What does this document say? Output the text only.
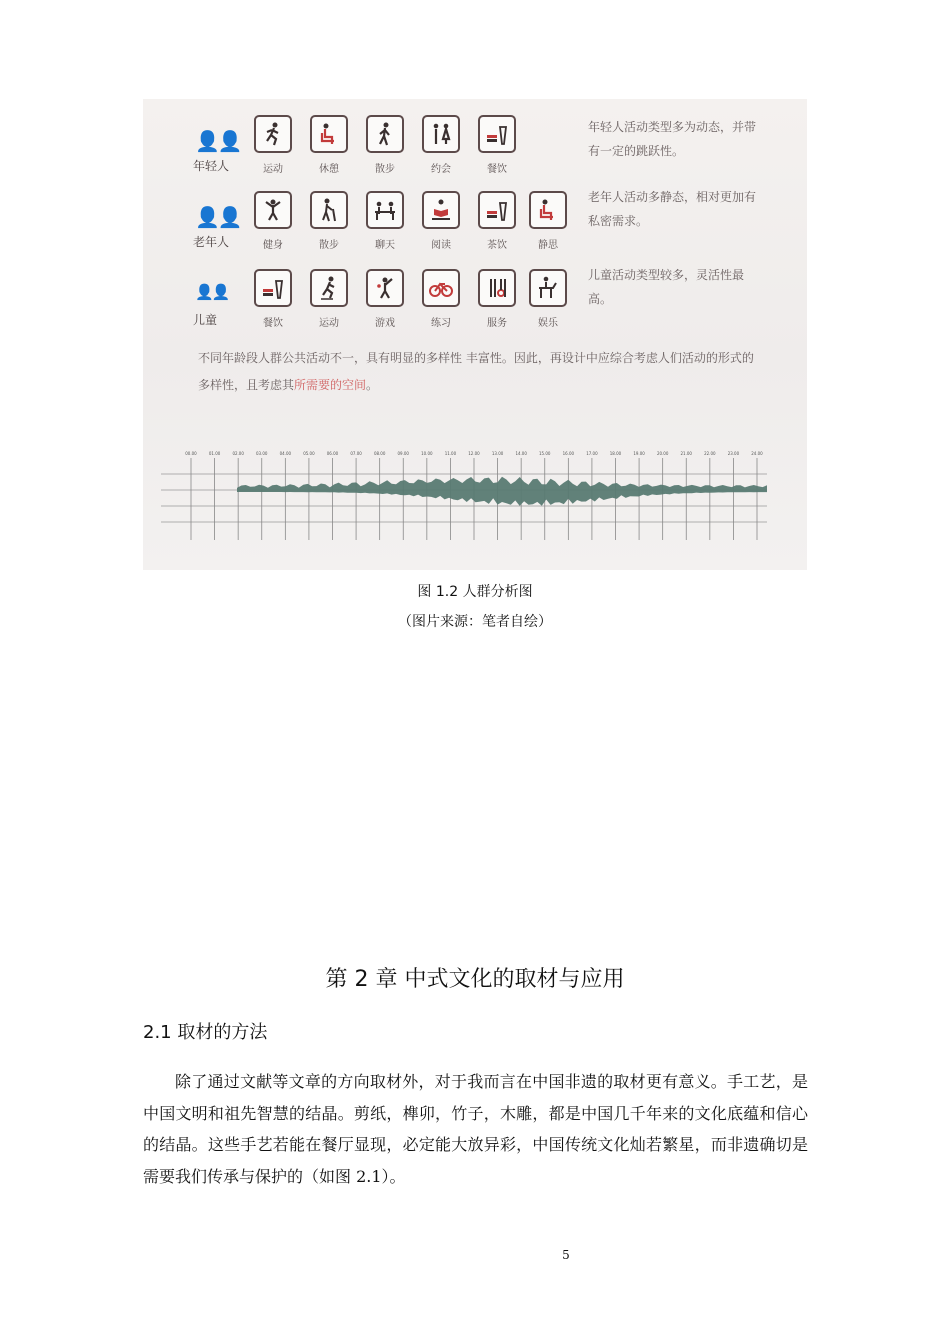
👤👤
年轻人	运动	休憩	散步	约会	餐饮
年轻人活动类型多为动态，并带有一定的跳跃性。
👤👤
老年人	健身	散步	聊天	阅读	茶饮	静思
老年人活动多静态，相对更加有私密需求。
👤👤
儿童	餐饮	运动	游戏	练习	服务	娱乐
儿童活动类型较多，灵活性最高。
不同年龄段人群公共活动不一，具有明显的多样性 丰富性。因此，再设计中应综合考虑人们活动的形式的多样性，且考虑其所需要的空间。
00.00	01.00	02.00	03.00	04.00	05.00	06.00	07.00	08.00	09.00	10.00	11.00	12.00	13.00	14.00	15.00	16.00	17.00	18.00	19.00	20.00	21.00	22.00	23.00	24.00
图 1.2 人群分析图
（图片来源：笔者自绘）
第 2 章 中式文化的取材与应用
2.1 取材的方法

除了通过文献等文章的方向取材外，对于我而言在中国非遗的取材更有意义。手工艺，是中国文明和祖先智慧的结晶。剪纸，榫卯，竹子，木雕，都是中国几千年来的文化底蕴和信心的结晶。这些手艺若能在餐厅显现，必定能大放异彩，中国传统文化灿若繁星，而非遗确切是需要我们传承与保护的（如图 2.1）。

5
